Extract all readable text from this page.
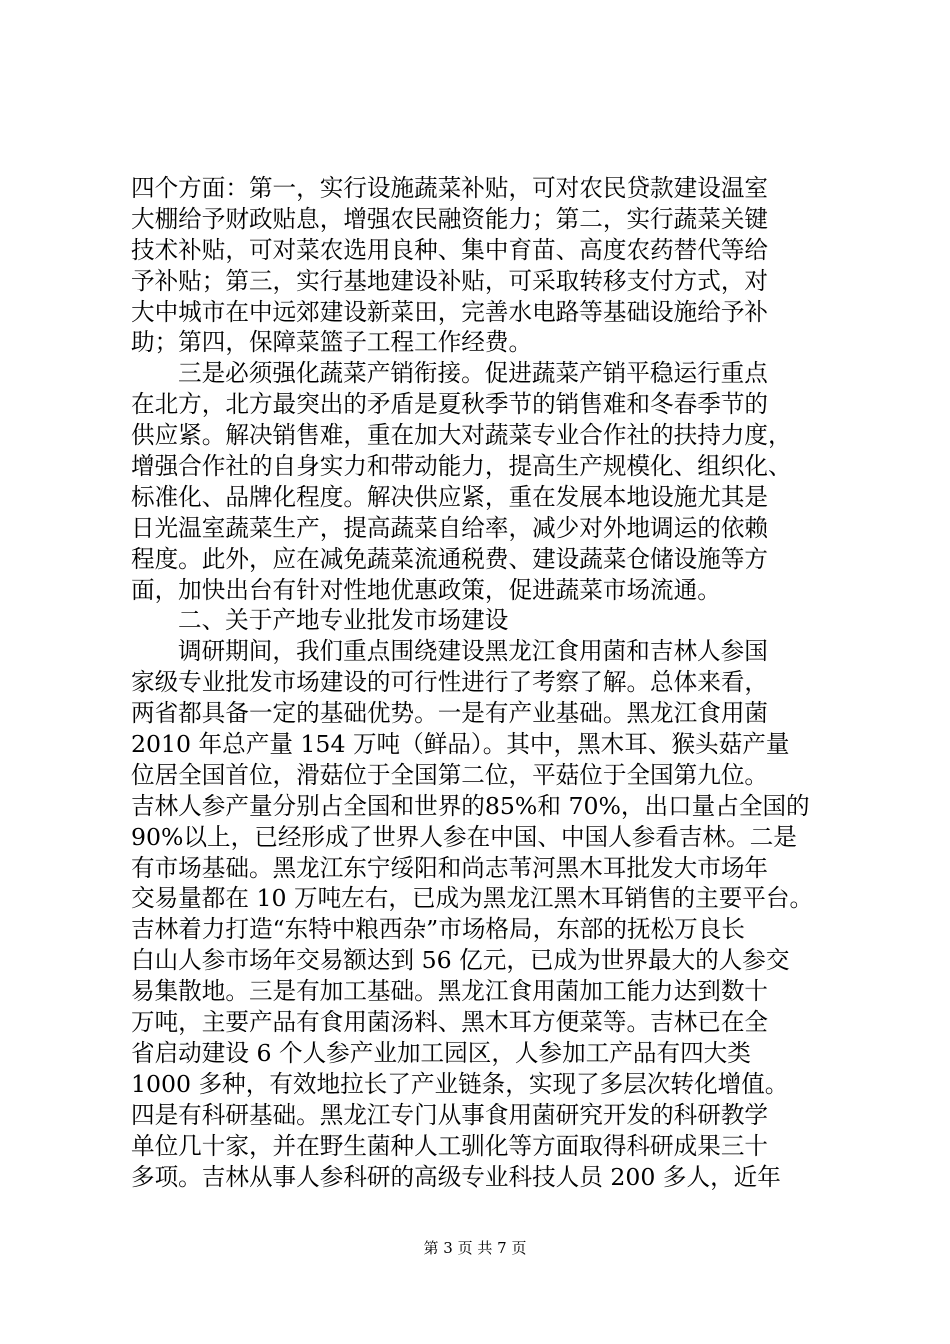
四个方面：第一，实行设施蔬菜补贴，可对农民贷款建设温室
大棚给予财政贴息，增强农民融资能力；第二，实行蔬菜关键
技术补贴，可对菜农选用良种、集中育苗、高度农药替代等给
予补贴；第三，实行基地建设补贴，可采取转移支付方式，对
大中城市在中远郊建设新菜田，完善水电路等基础设施给予补
助；第四，保障菜篮子工程工作经费。
三是必须强化蔬菜产销衔接。促进蔬菜产销平稳运行重点
在北方，北方最突出的矛盾是夏秋季节的销售难和冬春季节的
供应紧。解决销售难，重在加大对蔬菜专业合作社的扶持力度，
增强合作社的自身实力和带动能力，提高生产规模化、组织化、
标准化、品牌化程度。解决供应紧，重在发展本地设施尤其是
日光温室蔬菜生产，提高蔬菜自给率，减少对外地调运的依赖
程度。此外，应在减免蔬菜流通税费、建设蔬菜仓储设施等方
面，加快出台有针对性地优惠政策，促进蔬菜市场流通。
二、关于产地专业批发市场建设
调研期间，我们重点围绕建设黑龙江食用菌和吉林人参国
家级专业批发市场建设的可行性进行了考察了解。总体来看，
两省都具备一定的基础优势。一是有产业基础。黑龙江食用菌
2010 年总产量 154 万吨（鲜品）。其中，黑木耳、猴头菇产量
位居全国首位，滑菇位于全国第二位，平菇位于全国第九位。
吉林人参产量分别占全国和世界的85%和 70%，出口量占全国的
90%以上，已经形成了世界人参在中国、中国人参看吉林。二是
有市场基础。黑龙江东宁绥阳和尚志苇河黑木耳批发大市场年
交易量都在 10 万吨左右，已成为黑龙江黑木耳销售的主要平台。
吉林着力打造“东特中粮西杂”市场格局，东部的抚松万良长
白山人参市场年交易额达到 56 亿元，已成为世界最大的人参交
易集散地。三是有加工基础。黑龙江食用菌加工能力达到数十
万吨，主要产品有食用菌汤料、黑木耳方便菜等。吉林已在全
省启动建设 6 个人参产业加工园区，人参加工产品有四大类
1000 多种，有效地拉长了产业链条，实现了多层次转化增值。
四是有科研基础。黑龙江专门从事食用菌研究开发的科研教学
单位几十家，并在野生菌种人工驯化等方面取得科研成果三十
多项。吉林从事人参科研的高级专业科技人员 200 多人，近年
第 3 页 共 7 页
